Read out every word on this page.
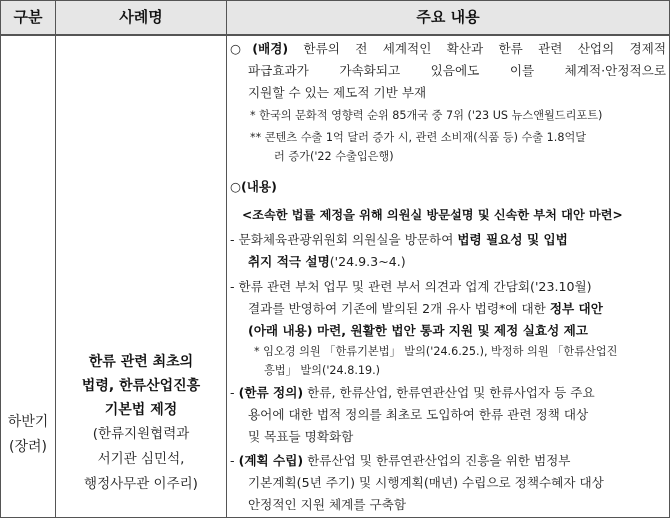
구분	사례명	주요 내용
하반기
(장려)
한류 관련 최초의
법령, 한류산업진흥
기본법 제정
(한류지원협력과
서기관 심민석,
행정사무관 이주리)
○(배경) 한류의 전 세계적인 확산과 한류 관련 산업의 경제적
파급효과가 가속화되고 있음에도 이를 체계적·안정적으로
지원할 수 있는 제도적 기반 부재
* 한국의 문화적 영향력 순위 85개국 중 7위 ('23 US 뉴스앤월드리포트)
** 콘텐츠 수출 1억 달러 증가 시, 관련 소비재(식품 등) 수출 1.8억달
러 증가('22 수출입은행)
○(내용)
<조속한 법률 제정을 위해 의원실 방문설명 및 신속한 부처 대안 마련>
- 문화체육관광위원회 의원실을 방문하여 법령 필요성 및 입법
취지 적극 설명('24.9.3~4.)
- 한류 관련 부처 업무 및 관련 부서 의견과 업계 간담회('23.10월)
결과를 반영하여 기존에 발의된 2개 유사 법령*에 대한 정부 대안
(아래 내용) 마련, 원활한 법안 통과 지원 및 제정 실효성 제고
* 임오경 의원 「한류기본법」 발의('24.6.25.), 박정하 의원 「한류산업진
흥법」 발의('24.8.19.)
- (한류 정의) 한류, 한류산업, 한류연관산업 및 한류사업자 등 주요
용어에 대한 법적 정의를 최초로 도입하여 한류 관련 정책 대상
및 목표들 명확화함
- (계획 수립) 한류산업 및 한류연관산업의 진흥을 위한 범정부
기본계획(5년 주기) 및 시행계획(매년) 수립으로 정책수혜자 대상
안정적인 지원 체계를 구축함
